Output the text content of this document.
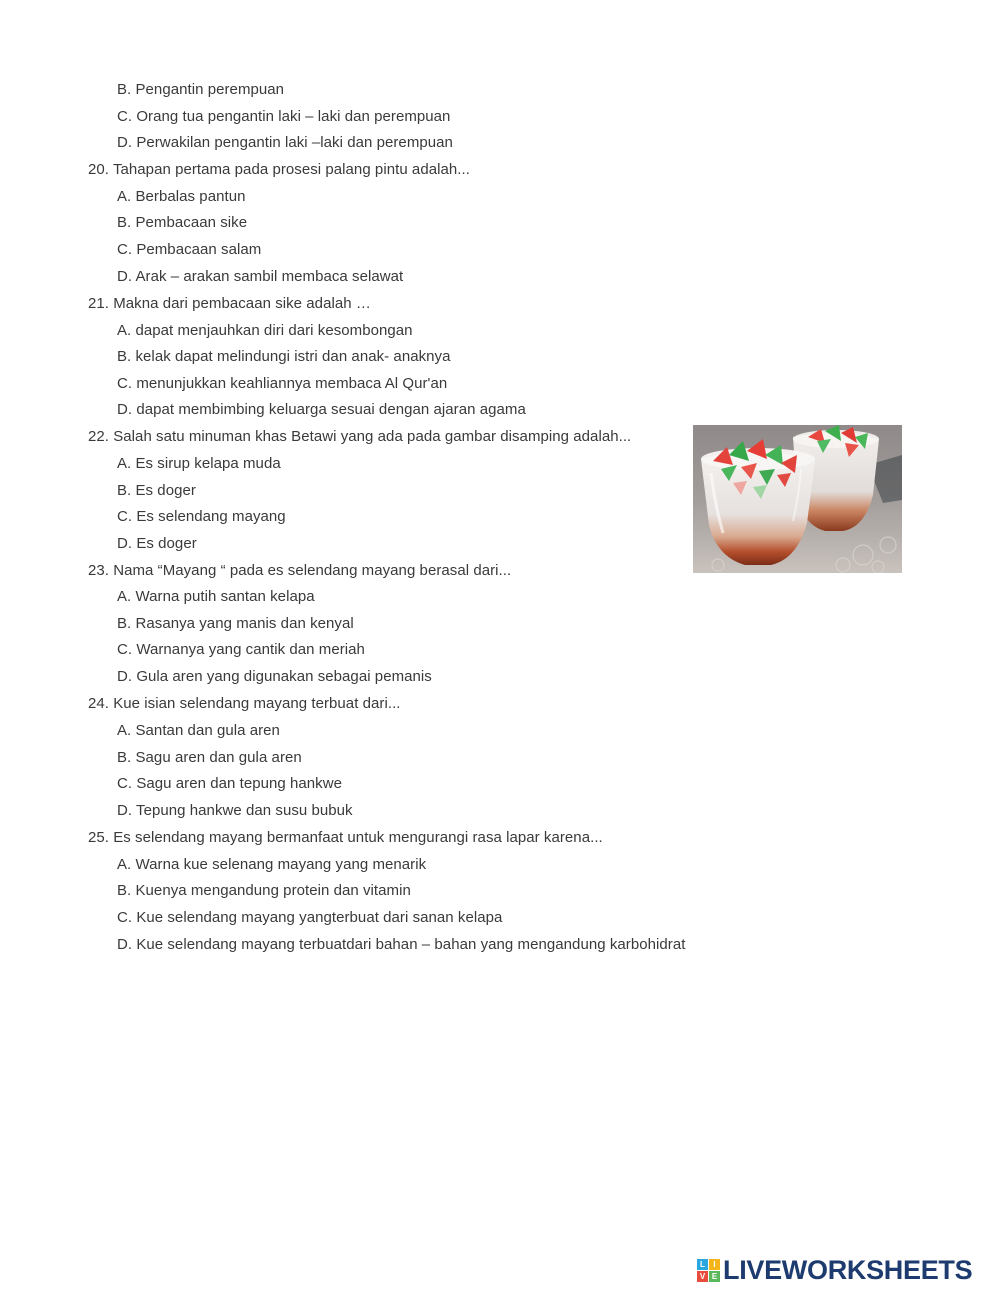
B. Pengantin perempuan
C. Orang tua pengantin laki – laki dan perempuan
D. Perwakilan pengantin laki –laki dan perempuan
20. Tahapan pertama pada prosesi palang pintu adalah...
A. Berbalas pantun
B. Pembacaan sike
C. Pembacaan salam
D. Arak – arakan sambil membaca selawat
21. Makna dari pembacaan sike adalah …
A. dapat menjauhkan diri dari kesombongan
B. kelak dapat melindungi istri dan anak- anaknya
C. menunjukkan keahliannya membaca Al Qur'an
D. dapat membimbing keluarga sesuai dengan ajaran agama
22. Salah satu minuman khas Betawi yang ada pada gambar disamping adalah...
A. Es sirup kelapa muda
B. Es doger
C. Es selendang mayang
D. Es doger
23. Nama “Mayang “ pada es selendang mayang berasal dari...
A. Warna putih santan kelapa
B. Rasanya yang manis dan kenyal
C. Warnanya yang cantik dan meriah
D. Gula aren yang digunakan sebagai pemanis
24. Kue isian selendang mayang terbuat dari...
A. Santan dan gula aren
B. Sagu aren dan gula aren
C. Sagu aren dan tepung hankwe
D. Tepung hankwe dan susu bubuk
25. Es selendang mayang bermanfaat untuk mengurangi rasa lapar karena...
A. Warna kue selenang mayang yang menarik
B. Kuenya mengandung protein dan vitamin
C. Kue selendang mayang yangterbuat dari sanan kelapa
D. Kue selendang mayang terbuatdari bahan – bahan yang mengandung karbohidrat
L	I
V E LIVEWORKSHEETS
